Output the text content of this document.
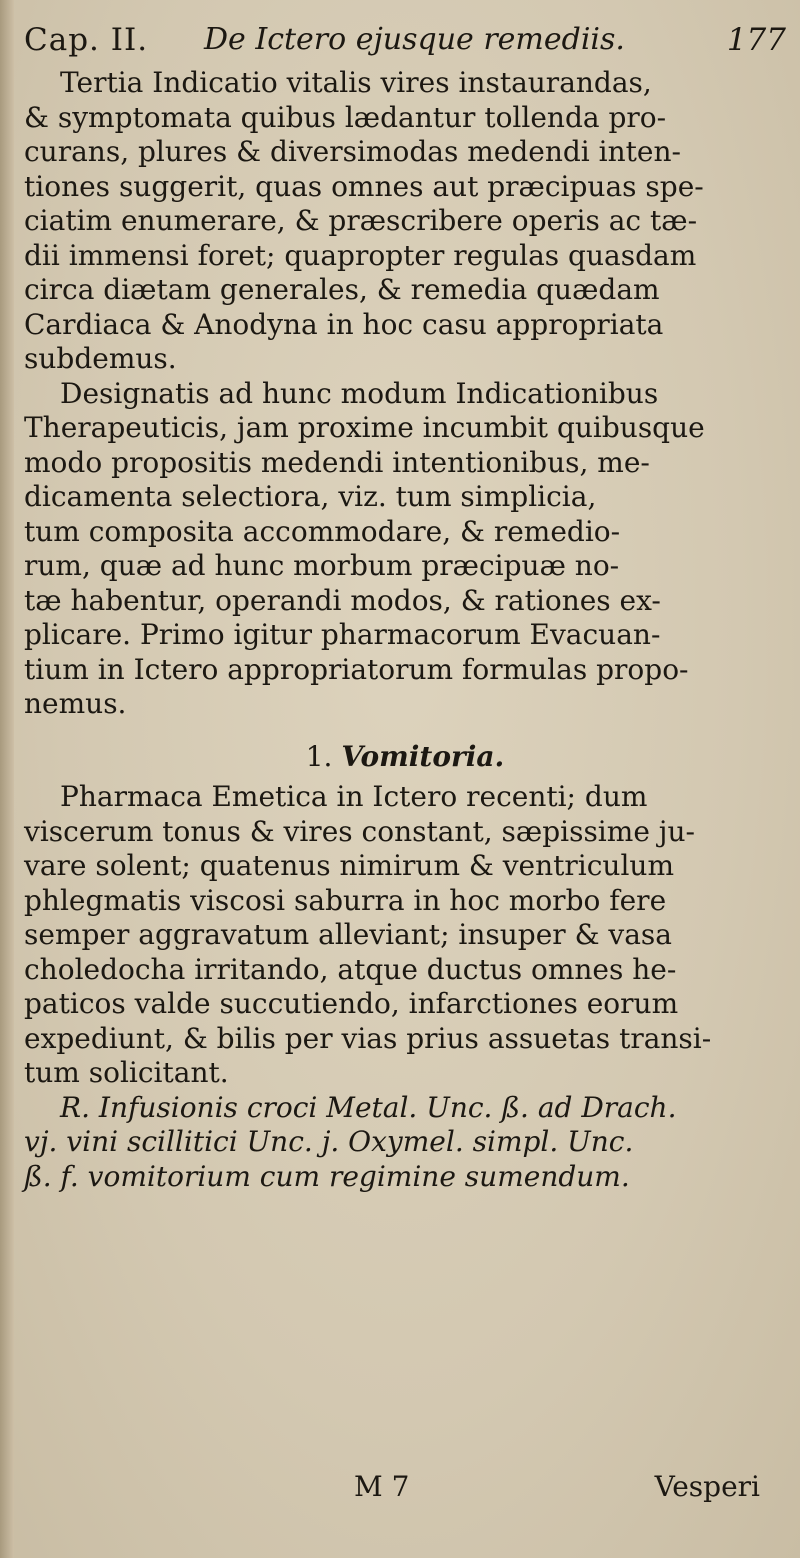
Cap. II. De Ictero ejusque remediis.	177
Tertia Indicatio vitalis vires instaurandas,
& symptomata quibus lædantur tollenda pro-
curans, plures & diversimodas medendi inten-
tiones suggerit, quas omnes aut præcipuas spe-
ciatim enumerare, & præscribere operis ac tæ-
dii immensi foret; quapropter regulas quasdam
circa diætam generales, & remedia quædam
Cardiaca & Anodyna in hoc casu appropriata
subdemus.
Designatis ad hunc modum Indicationibus
Therapeuticis, jam proxime incumbit quibusque
modo propositis medendi intentionibus, me-
dicamenta selectiora, viz. tum simplicia,
tum composita accommodare, & remedio-
rum, quæ ad hunc morbum præcipuæ no-
tæ habentur, operandi modos, & rationes ex-
plicare. Primo igitur pharmacorum Evacuan-
tium in Ictero appropriatorum formulas propo-
nemus.
1. Vomitoria.
Pharmaca Emetica in Ictero recenti; dum
viscerum tonus & vires constant, sæpissime ju-
vare solent; quatenus nimirum & ventriculum
phlegmatis viscosi saburra in hoc morbo fere
semper aggravatum alleviant; insuper & vasa
choledocha irritando, atque ductus omnes he-
paticos valde succutiendo, infarctiones eorum
expediunt, & bilis per vias prius assuetas transi-
tum solicitant.
R. Infusionis croci Metal. Unc. ß. ad Drach.
vj. vini scillitici Unc. j. Oxymel. simpl. Unc.
ß. f. vomitorium cum regimine sumendum.
M 7	Vesperi
